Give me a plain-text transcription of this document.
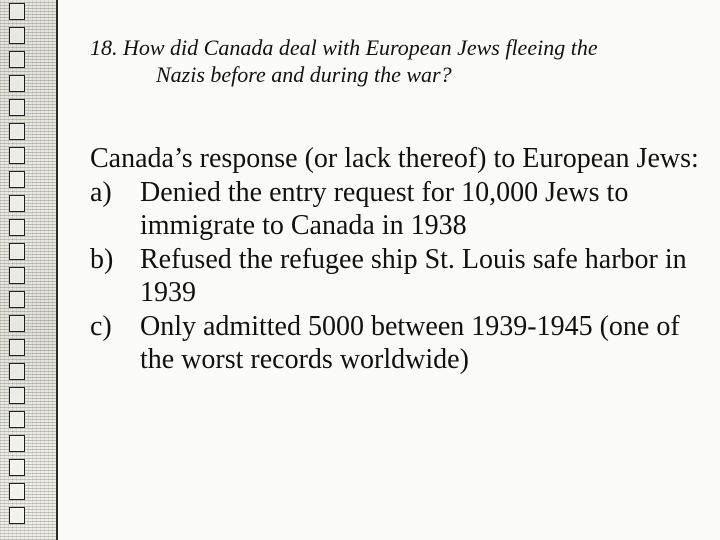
18. How did Canada deal with European Jews fleeing the
Nazis before and during the war?
Canada’s response (or lack thereof) to European Jews:
a) Denied the entry request for 10,000 Jews to immigrate to Canada in 1938
b) Refused the refugee ship St. Louis safe harbor in 1939
c) Only admitted 5000 between 1939-1945 (one of the worst records worldwide)
